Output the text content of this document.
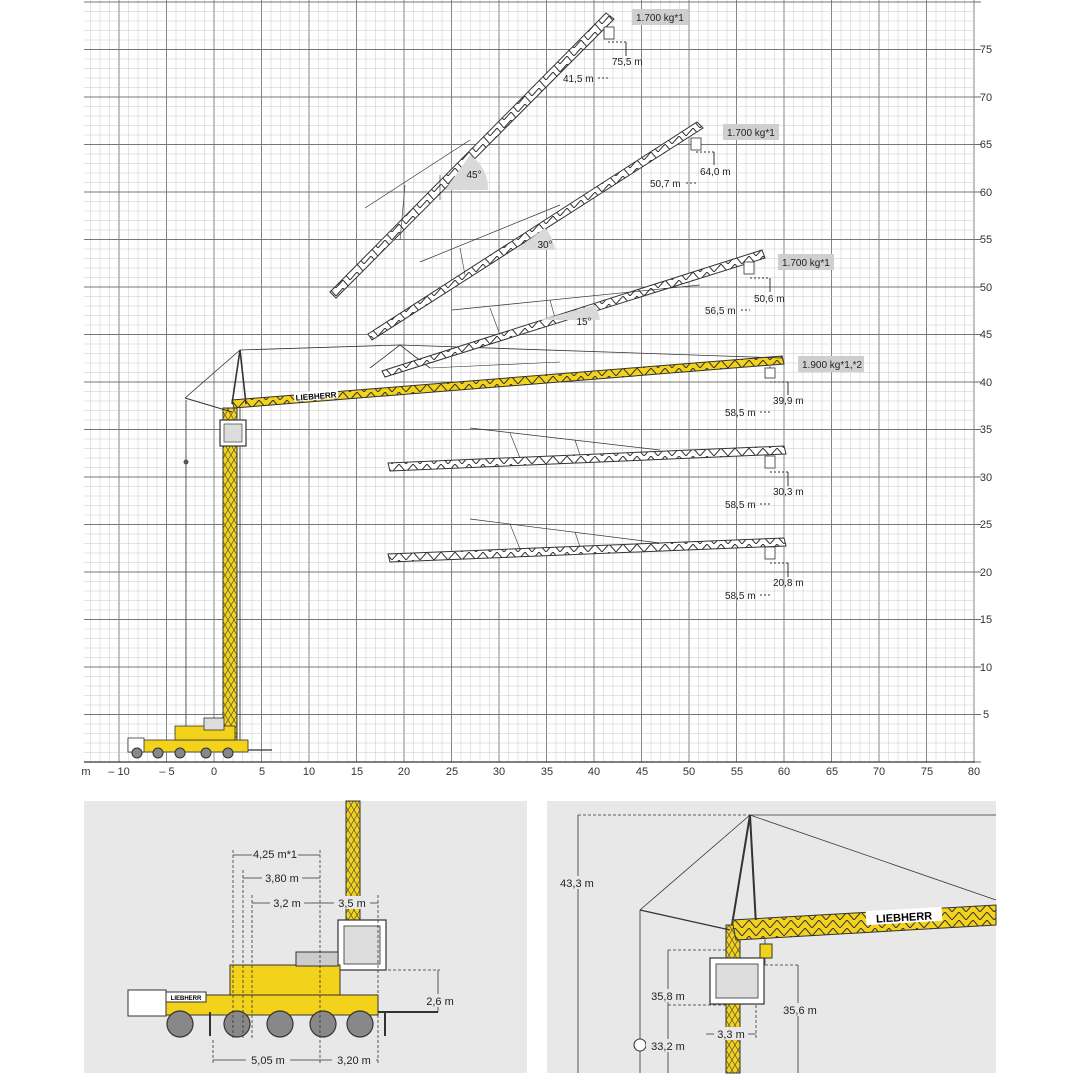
m – 10	– 5	0	5	10	15	20	25	30	35	40	45	50	55	60	65	70	75	80
5
10
15
20
25
30
35
40
45
50
55
60
65
70
75
LIEBHERR
45°
30°
15°
1.700 kg*1
41,5 m
75,5 m
1.700 kg*1
50,7 m
64,0 m
1.700 kg*1
56,5 m
50,6 m
1.900 kg*1,*2
58,5 m
39,9 m
58,5 m
30,3 m
58,5 m
20,8 m
LIEBHERR
4,25 m*1
3,80 m
3,2 m	3,5 m
2,6 m
5,05 m	3,20 m
LIEBHERR
43,3 m
35,8 m
35,6 m
33,2 m
3,3 m
